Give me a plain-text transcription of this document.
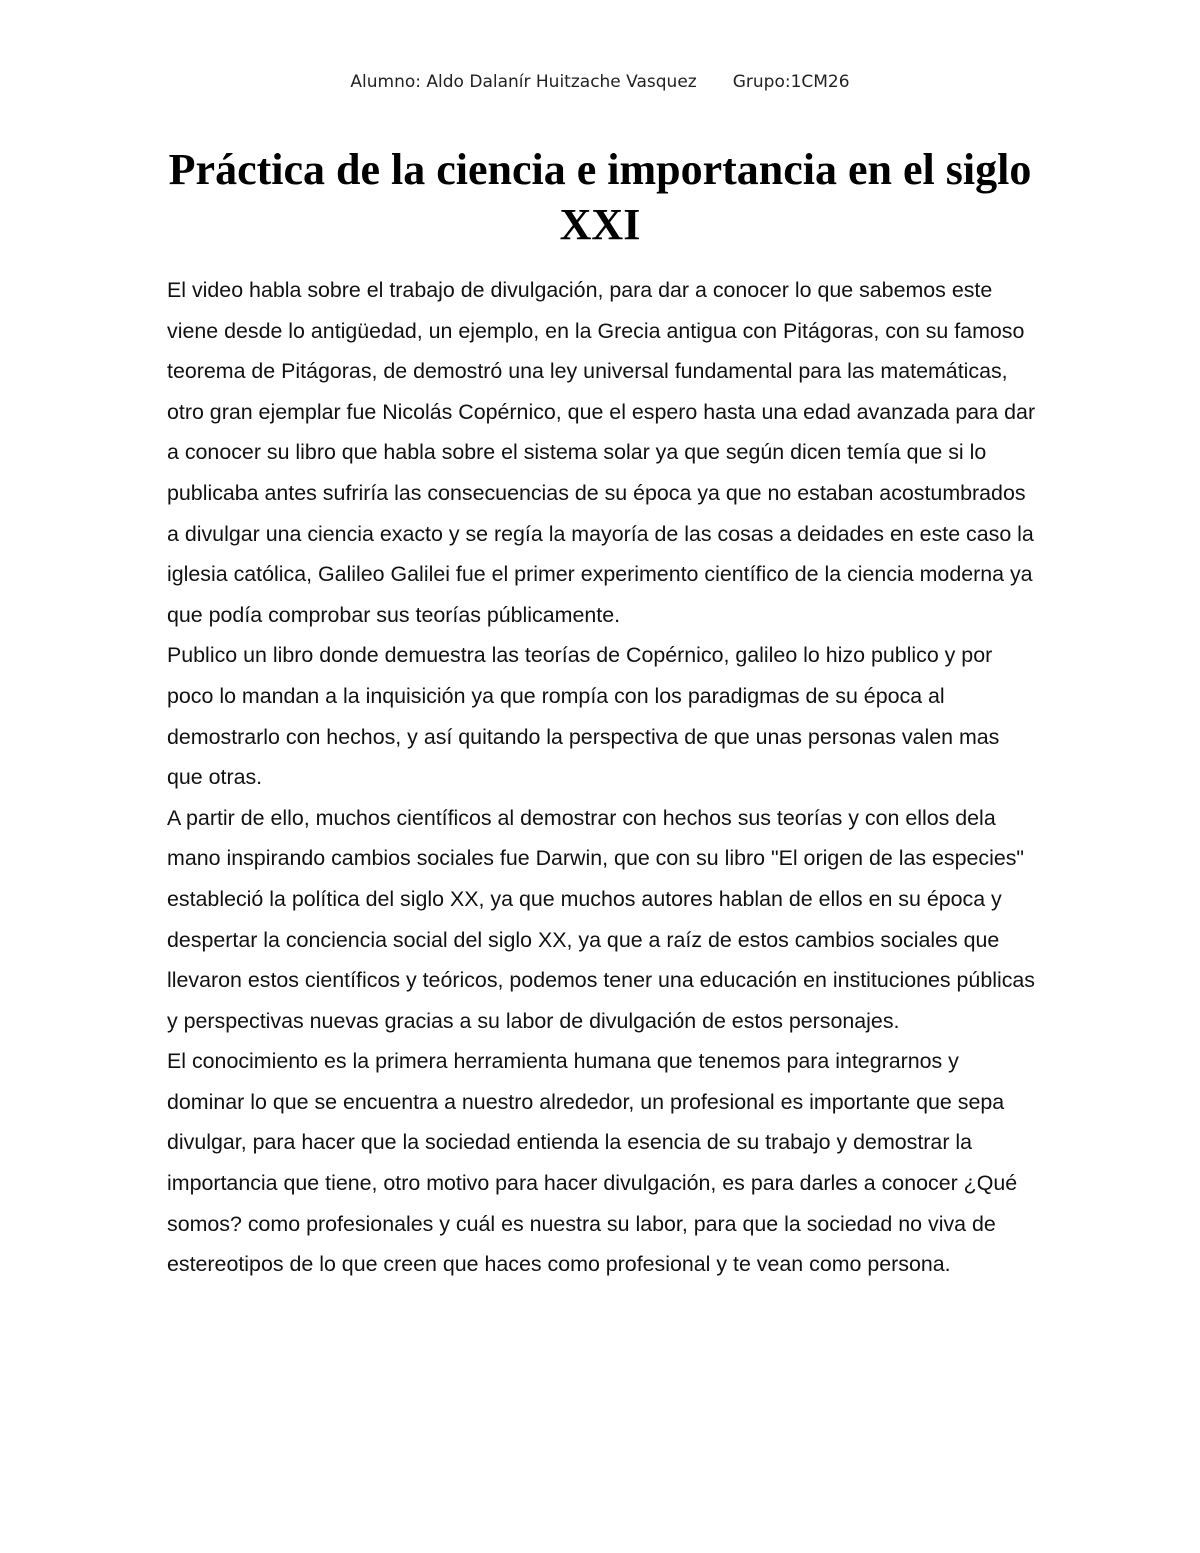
Alumno: Aldo Dalanír Huitzache Vasquez Grupo:1CM26
Práctica de la ciencia e importancia en el siglo XXI

El video habla sobre el trabajo de divulgación, para dar a conocer lo que sabemos este viene desde lo antigüedad, un ejemplo, en la Grecia antigua con Pitágoras, con su famoso teorema de Pitágoras, de demostró una ley universal fundamental para las matemáticas, otro gran ejemplar fue Nicolás Copérnico, que el espero hasta una edad avanzada para dar a conocer su libro que habla sobre el sistema solar ya que según dicen temía que si lo publicaba antes sufriría las consecuencias de su época ya que no estaban acostumbrados a divulgar una ciencia exacto y se regía la mayoría de las cosas a deidades en este caso la iglesia católica, Galileo Galilei fue el primer experimento científico de la ciencia moderna ya que podía comprobar sus teorías públicamente.

Publico un libro donde demuestra las teorías de Copérnico, galileo lo hizo publico y por poco lo mandan a la inquisición ya que rompía con los paradigmas de su época al demostrarlo con hechos, y así quitando la perspectiva de que unas personas valen mas que otras.

A partir de ello, muchos científicos al demostrar con hechos sus teorías y con ellos dela mano inspirando cambios sociales fue Darwin, que con su libro "El origen de las especies" estableció la política del siglo XX, ya que muchos autores hablan de ellos en su época y despertar la conciencia social del siglo XX, ya que a raíz de estos cambios sociales que llevaron estos científicos y teóricos, podemos tener una educación en instituciones públicas y perspectivas nuevas gracias a su labor de divulgación de estos personajes.

El conocimiento es la primera herramienta humana que tenemos para integrarnos y dominar lo que se encuentra a nuestro alrededor, un profesional es importante que sepa divulgar, para hacer que la sociedad entienda la esencia de su trabajo y demostrar la importancia que tiene, otro motivo para hacer divulgación, es para darles a conocer ¿Qué somos? como profesionales y cuál es nuestra su labor, para que la sociedad no viva de estereotipos de lo que creen que haces como profesional y te vean como persona.
